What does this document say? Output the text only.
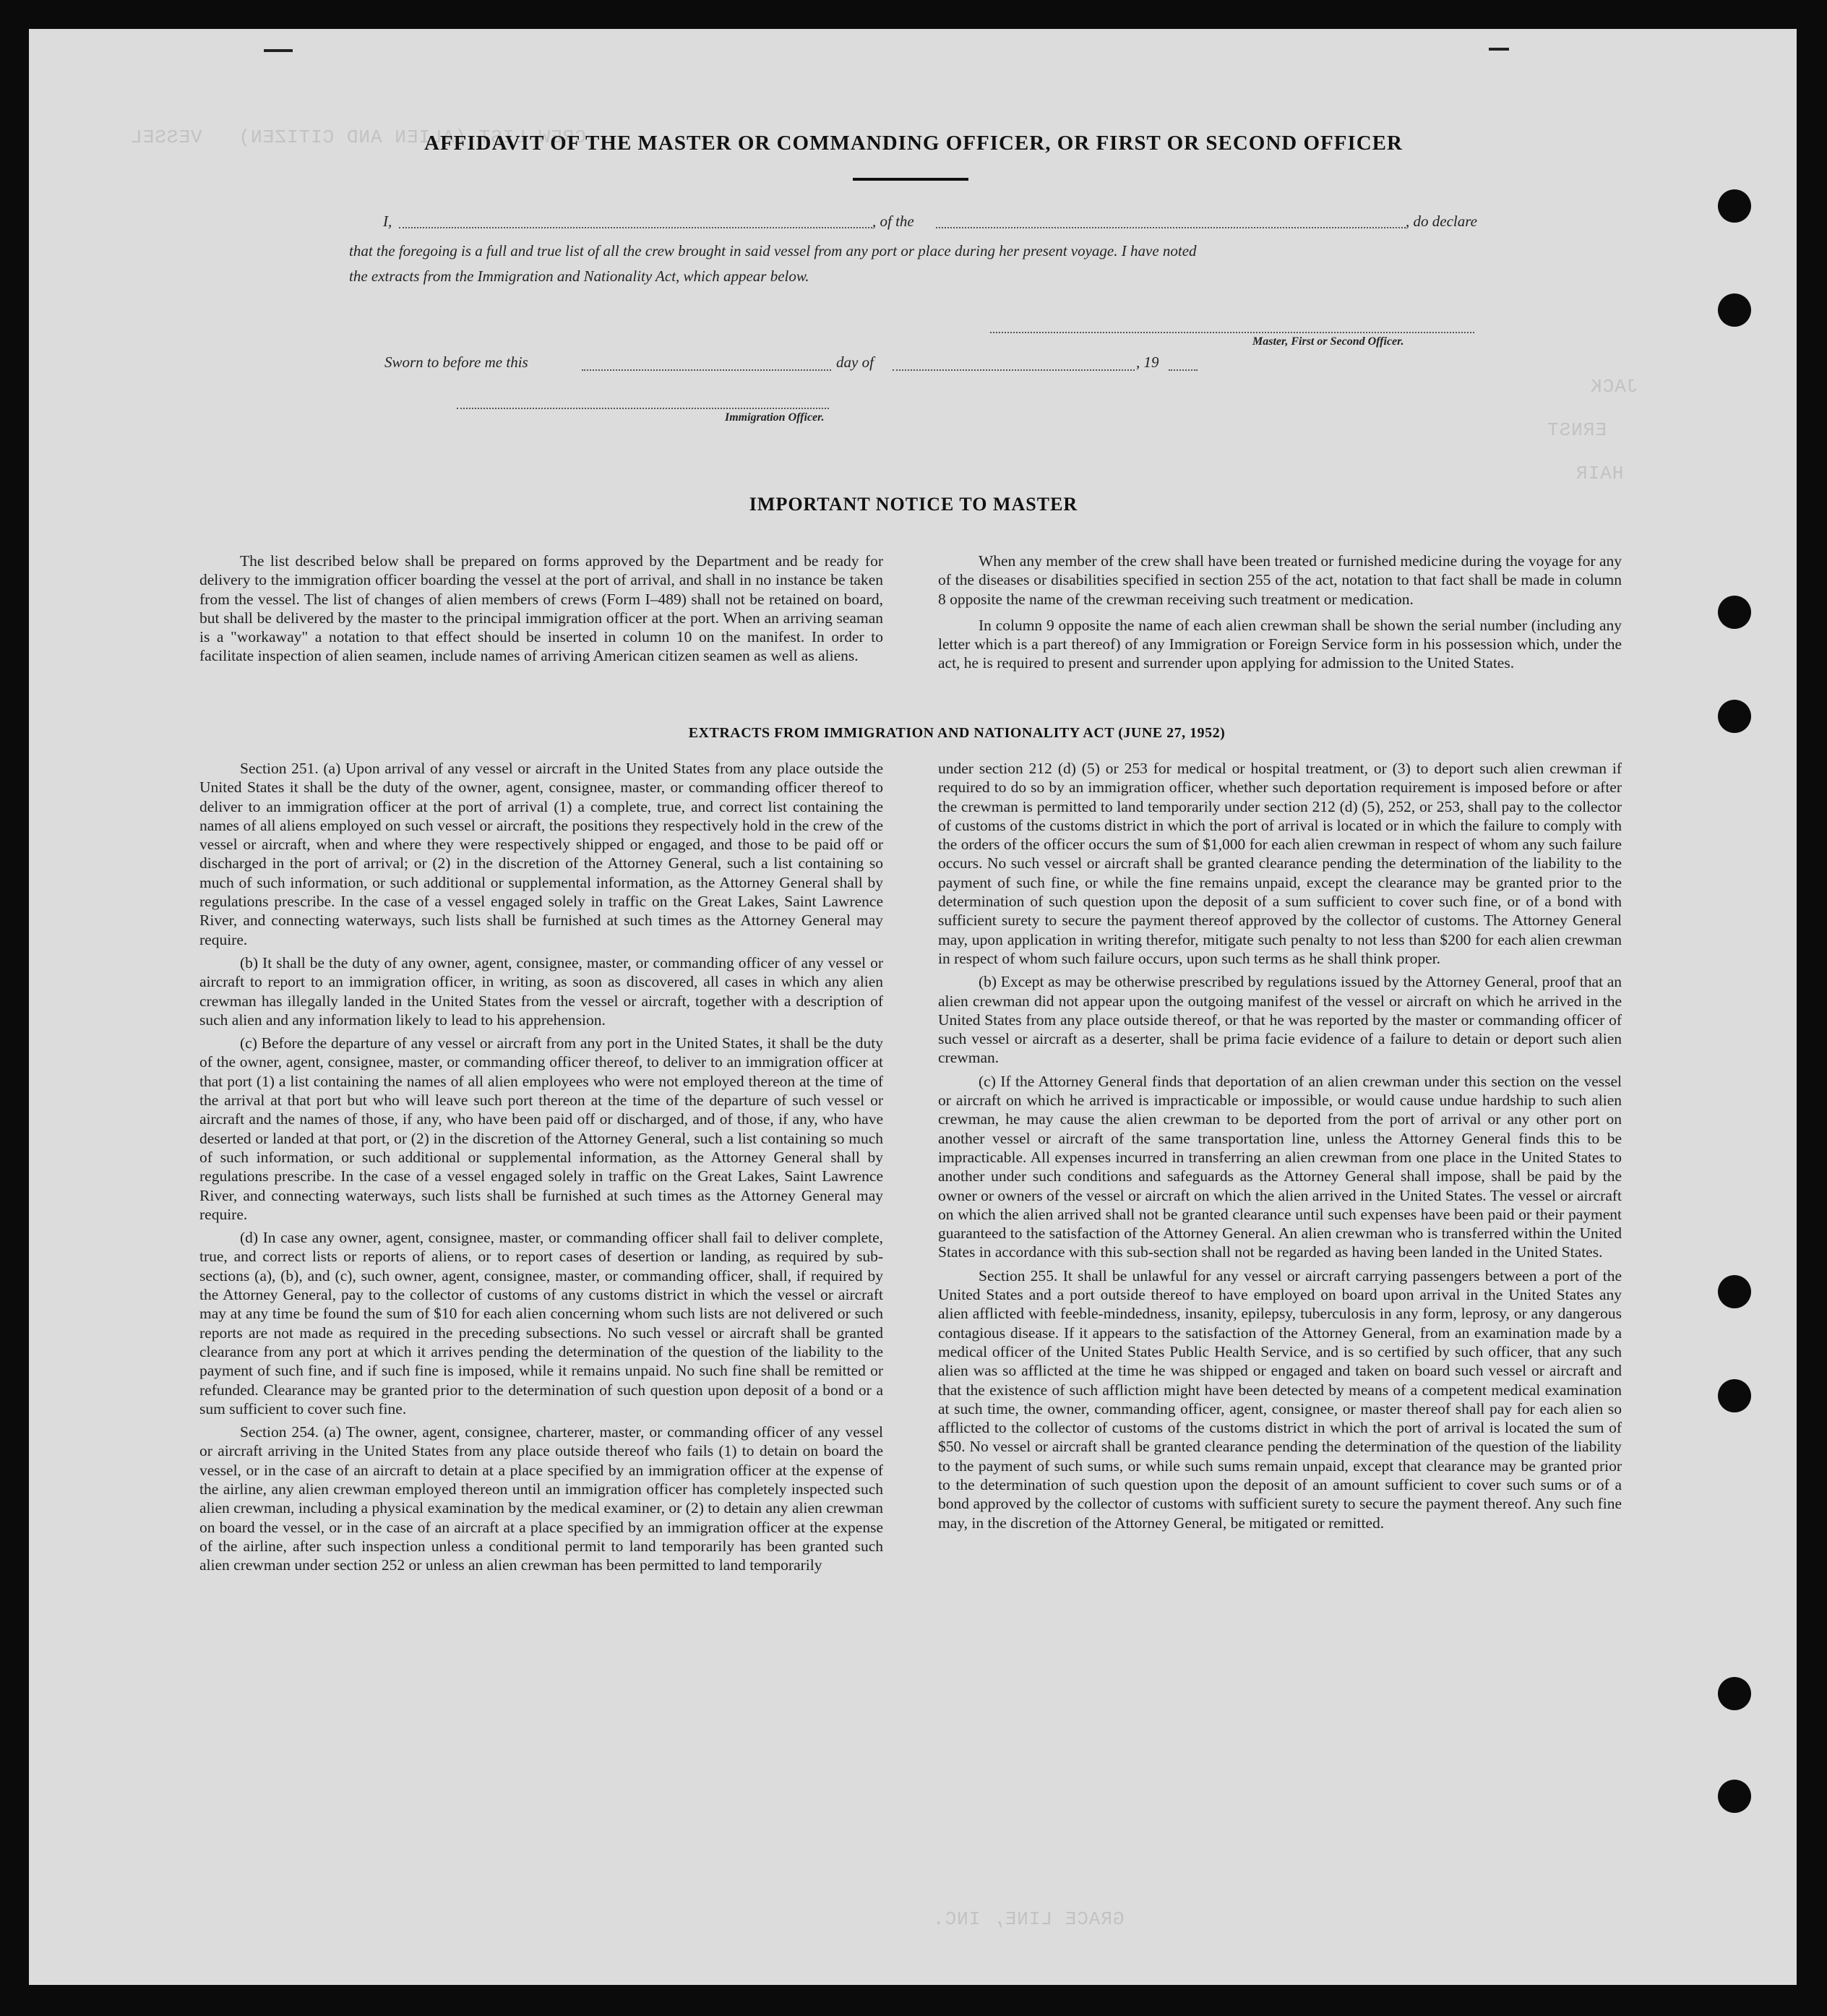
CREW LIST (ALIEN AND CITIZEN)   VESSEL
JACK
ERNST
HAIR
GRACE LINE, INC.
AFFIDAVIT OF THE MASTER OR COMMANDING OFFICER, OR FIRST OR SECOND OFFICER
I,	, of the	, do declare
that the foregoing is a full and true list of all the crew brought in said vessel from any port or place during her present voyage. I have noted
the extracts from the Immigration and Nationality Act, which appear below.
Master, First or Second Officer.
Sworn to before me this	day of	, 19
Immigration Officer.
IMPORTANT NOTICE TO MASTER

The list described below shall be prepared on forms approved by the Department and be ready for delivery to the immigration officer boarding the vessel at the port of arrival, and shall in no instance be taken from the vessel. The list of changes of alien members of crews (Form I–489) shall not be retained on board, but shall be delivered by the master to the principal immigration officer at the port. When an arriving seaman is a "workaway" a notation to that effect should be inserted in column 10 on the manifest. In order to facilitate inspection of alien seamen, include names of arriving American citizen seamen as well as aliens.

When any member of the crew shall have been treated or furnished medicine during the voyage for any of the diseases or disabilities specified in section 255 of the act, notation to that fact shall be made in column 8 opposite the name of the crewman receiving such treatment or medication.

In column 9 opposite the name of each alien crewman shall be shown the serial number (including any letter which is a part thereof) of any Immigration or Foreign Service form in his possession which, under the act, he is required to present and surrender upon applying for admission to the United States.

EXTRACTS FROM IMMIGRATION AND NATIONALITY ACT (JUNE 27, 1952)

Section 251. (a) Upon arrival of any vessel or aircraft in the United States from any place outside the United States it shall be the duty of the owner, agent, consignee, master, or commanding officer thereof to deliver to an immigration officer at the port of arrival (1) a complete, true, and correct list containing the names of all aliens employed on such vessel or aircraft, the positions they respectively hold in the crew of the vessel or aircraft, when and where they were respectively shipped or engaged, and those to be paid off or discharged in the port of arrival; or (2) in the discretion of the Attorney General, such a list containing so much of such information, or such additional or supplemental information, as the Attorney General shall by regulations prescribe. In the case of a vessel engaged solely in traffic on the Great Lakes, Saint Lawrence River, and connecting waterways, such lists shall be furnished at such times as the Attorney General may require.

(b) It shall be the duty of any owner, agent, consignee, master, or commanding officer of any vessel or aircraft to report to an immigration officer, in writing, as soon as discovered, all cases in which any alien crewman has illegally landed in the United States from the vessel or aircraft, together with a description of such alien and any information likely to lead to his apprehension.

(c) Before the departure of any vessel or aircraft from any port in the United States, it shall be the duty of the owner, agent, consignee, master, or commanding officer thereof, to deliver to an immigration officer at that port (1) a list containing the names of all alien employees who were not employed thereon at the time of the arrival at that port but who will leave such port thereon at the time of the departure of such vessel or aircraft and the names of those, if any, who have been paid off or discharged, and of those, if any, who have deserted or landed at that port, or (2) in the discretion of the Attorney General, such a list containing so much of such information, or such additional or supplemental information, as the Attorney General shall by regulations prescribe. In the case of a vessel engaged solely in traffic on the Great Lakes, Saint Lawrence River, and connecting waterways, such lists shall be furnished at such times as the Attorney General may require.

(d) In case any owner, agent, consignee, master, or commanding officer shall fail to deliver complete, true, and correct lists or reports of aliens, or to report cases of desertion or landing, as required by sub-sections (a), (b), and (c), such owner, agent, consignee, master, or commanding officer, shall, if required by the Attorney General, pay to the collector of customs of any customs district in which the vessel or aircraft may at any time be found the sum of $10 for each alien concerning whom such lists are not delivered or such reports are not made as required in the preceding subsections. No such vessel or aircraft shall be granted clearance from any port at which it arrives pending the determination of the question of the liability to the payment of such fine, and if such fine is imposed, while it remains unpaid. No such fine shall be remitted or refunded. Clearance may be granted prior to the determination of such question upon deposit of a bond or a sum sufficient to cover such fine.

Section 254. (a) The owner, agent, consignee, charterer, master, or commanding officer of any vessel or aircraft arriving in the United States from any place outside thereof who fails (1) to detain on board the vessel, or in the case of an aircraft to detain at a place specified by an immigration officer at the expense of the airline, any alien crewman employed thereon until an immigration officer has completely inspected such alien crewman, including a physical examination by the medical examiner, or (2) to detain any alien crewman on board the vessel, or in the case of an aircraft at a place specified by an immigration officer at the expense of the airline, after such inspection unless a conditional permit to land temporarily has been granted such alien crewman under section 252 or unless an alien crewman has been permitted to land temporarily

under section 212 (d) (5) or 253 for medical or hospital treatment, or (3) to deport such alien crewman if required to do so by an immigration officer, whether such deportation requirement is imposed before or after the crewman is permitted to land temporarily under section 212 (d) (5), 252, or 253, shall pay to the collector of customs of the customs district in which the port of arrival is located or in which the failure to comply with the orders of the officer occurs the sum of $1,000 for each alien crewman in respect of whom any such failure occurs. No such vessel or aircraft shall be granted clearance pending the determination of the liability to the payment of such fine, or while the fine remains unpaid, except the clearance may be granted prior to the determination of such question upon the deposit of a sum sufficient to cover such fine, or of a bond with sufficient surety to secure the payment thereof approved by the collector of customs. The Attorney General may, upon application in writing therefor, mitigate such penalty to not less than $200 for each alien crewman in respect of whom such failure occurs, upon such terms as he shall think proper.

(b) Except as may be otherwise prescribed by regulations issued by the Attorney General, proof that an alien crewman did not appear upon the outgoing manifest of the vessel or aircraft on which he arrived in the United States from any place outside thereof, or that he was reported by the master or commanding officer of such vessel or aircraft as a deserter, shall be prima facie evidence of a failure to detain or deport such alien crewman.

(c) If the Attorney General finds that deportation of an alien crewman under this section on the vessel or aircraft on which he arrived is impracticable or impossible, or would cause undue hardship to such alien crewman, he may cause the alien crewman to be deported from the port of arrival or any other port on another vessel or aircraft of the same transportation line, unless the Attorney General finds this to be impracticable. All expenses incurred in transferring an alien crewman from one place in the United States to another under such conditions and safeguards as the Attorney General shall impose, shall be paid by the owner or owners of the vessel or aircraft on which the alien arrived in the United States. The vessel or aircraft on which the alien arrived shall not be granted clearance until such expenses have been paid or their payment guaranteed to the satisfaction of the Attorney General. An alien crewman who is transferred within the United States in accordance with this sub-section shall not be regarded as having been landed in the United States.

Section 255. It shall be unlawful for any vessel or aircraft carrying passengers between a port of the United States and a port outside thereof to have employed on board upon arrival in the United States any alien afflicted with feeble-mindedness, insanity, epilepsy, tuberculosis in any form, leprosy, or any dangerous contagious disease. If it appears to the satisfaction of the Attorney General, from an examination made by a medical officer of the United States Public Health Service, and is so certified by such officer, that any such alien was so afflicted at the time he was shipped or engaged and taken on board such vessel or aircraft and that the existence of such affliction might have been detected by means of a competent medical examination at such time, the owner, commanding officer, agent, consignee, or master thereof shall pay for each alien so afflicted to the collector of customs of the customs district in which the port of arrival is located the sum of $50. No vessel or aircraft shall be granted clearance pending the determination of the question of the liability to the payment of such sums, or while such sums remain unpaid, except that clearance may be granted prior to the determination of such question upon the deposit of an amount sufficient to cover such sums or of a bond approved by the collector of customs with sufficient surety to secure the payment thereof. Any such fine may, in the discretion of the Attorney General, be mitigated or remitted.
